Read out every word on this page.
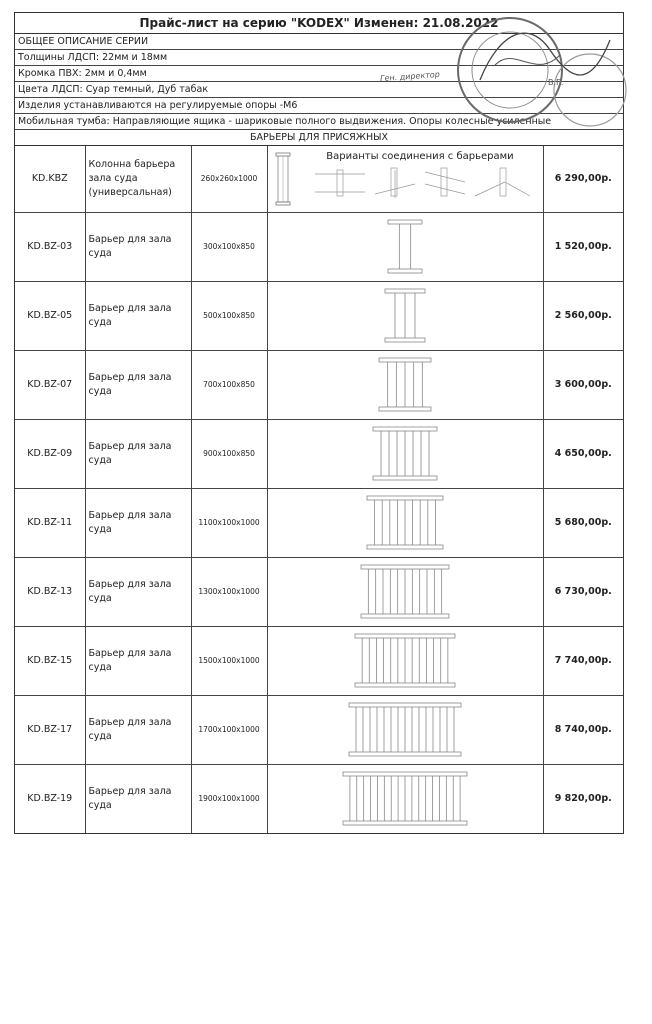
Прайс-лист на серию "KODEX" Изменен: 21.08.2022
ОБЩЕЕ ОПИСАНИЕ СЕРИИ
Толщины ЛДСП: 22мм и 18мм
Кромка ПВХ: 2мм и 0,4мм
Цвета ЛДСП: Суар темный, Дуб табак
Изделия устанавливаются на регулируемые опоры -М6
Мобильная тумба: Направляющие ящика - шариковые полного выдвижения. Опоры колесные усиленные
БАРЬЕРЫ ДЛЯ ПРИСЯЖНЫХ
KD.KBZ	Колонна барьера зала суда (универсальная)	260x260x1000	Варианты соединения с барьерами	6 290,00р.
KD.BZ-03	Барьер для зала суда	300x100x850		1 520,00р.
KD.BZ-05	Барьер для зала суда	500x100x850		2 560,00р.
KD.BZ-07	Барьер для зала суда	700x100x850		3 600,00р.
KD.BZ-09	Барьер для зала суда	900x100x850		4 650,00р.
KD.BZ-11	Барьер для зала суда	1100x100x1000		5 680,00р.
KD.BZ-13	Барьер для зала суда	1300x100x1000		6 730,00р.
KD.BZ-15	Барьер для зала суда	1500x100x1000		7 740,00р.
KD.BZ-17	Барьер для зала суда	1700x100x1000		8 740,00р.
KD.BZ-19	Барьер для зала суда	1900x100x1000		9 820,00р.
Ген. директор	В.Г.
